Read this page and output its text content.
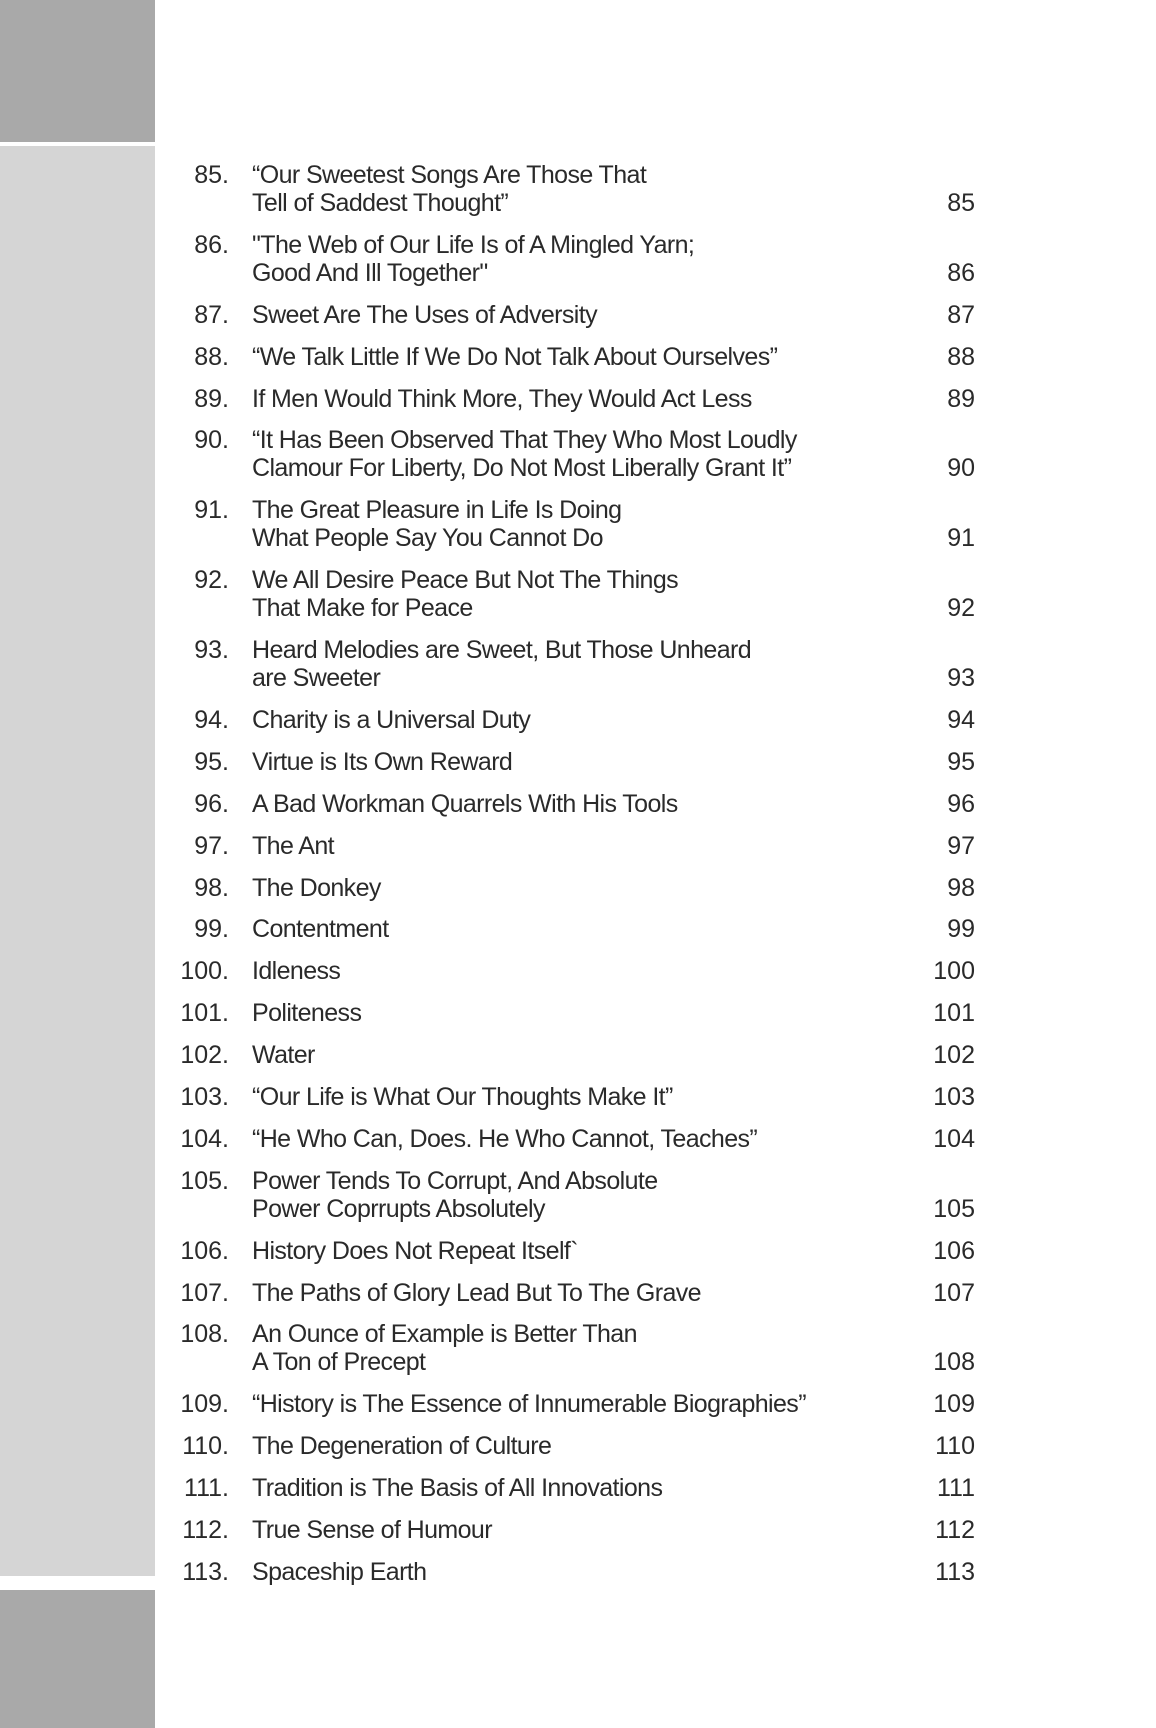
85. “Our Sweetest Songs Are Those That
Tell of Saddest Thought”	85
86. "The Web of Our Life Is of A Mingled Yarn;
Good And Ill Together"	86
87. Sweet Are The Uses of Adversity	87
88. “We Talk Little If We Do Not Talk About Ourselves”	88
89. If Men Would Think More, They Would Act Less	89
90. “It Has Been Observed That They Who Most Loudly
Clamour For Liberty, Do Not Most Liberally Grant It”	90
91. The Great Pleasure in Life Is Doing
What People Say You Cannot Do	91
92. We All Desire Peace But Not The Things
That Make for Peace	92
93. Heard Melodies are Sweet, But Those Unheard
are Sweeter	93
94. Charity is a Universal Duty	94
95. Virtue is Its Own Reward	95
96. A Bad Workman Quarrels With His Tools	96
97. The Ant	97
98. The Donkey	98
99. Contentment	99
100. Idleness	100
101. Politeness	101
102. Water	102
103. “Our Life is What Our Thoughts Make It”	103
104. “He Who Can, Does. He Who Cannot, Teaches”	104
105. Power Tends To Corrupt, And Absolute
Power Coprrupts Absolutely	105
106. History Does Not Repeat Itself`	106
107. The Paths of Glory Lead But To The Grave	107
108. An Ounce of Example is Better Than
A Ton of Precept	108
109. “History is The Essence of Innumerable Biographies”	109
110. The Degeneration of Culture	110
111. Tradition is The Basis of All Innovations	111
112. True Sense of Humour	112
113. Spaceship Earth	113
